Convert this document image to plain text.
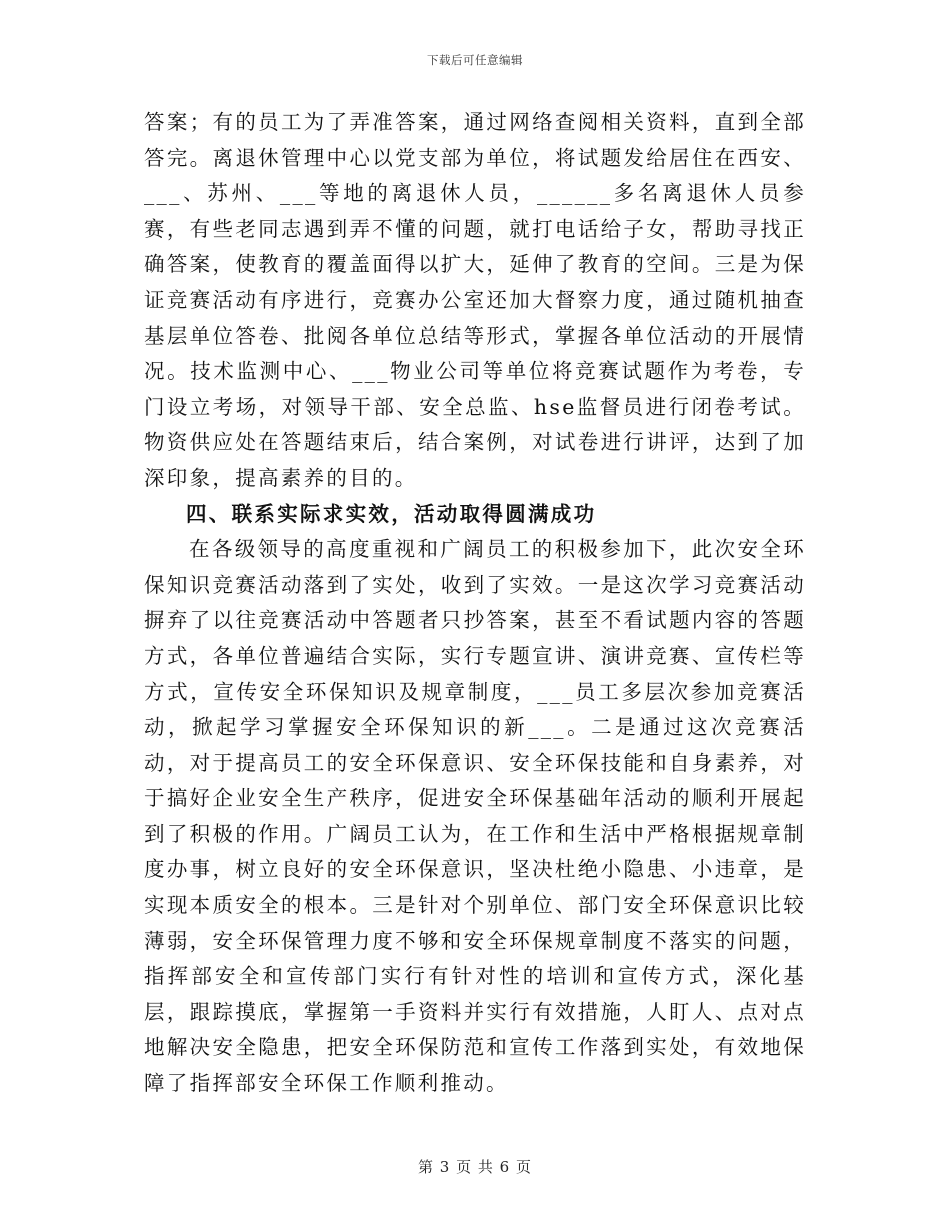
下载后可任意编辑

答案；有的员工为了弄准答案，通过网络查阅相关资料，直到全部答完。离退休管理中心以党支部为单位，将试题发给居住在西安、___、苏州、___等地的离退休人员，______多名离退休人员参赛，有些老同志遇到弄不懂的问题，就打电话给子女，帮助寻找正确答案，使教育的覆盖面得以扩大，延伸了教育的空间。三是为保证竞赛活动有序进行，竞赛办公室还加大督察力度，通过随机抽查基层单位答卷、批阅各单位总结等形式，掌握各单位活动的开展情况。技术监测中心、___物业公司等单位将竞赛试题作为考卷，专门设立考场，对领导干部、安全总监、hse监督员进行闭卷考试。物资供应处在答题结束后，结合案例，对试卷进行讲评，达到了加深印象，提高素养的目的。

四、联系实际求实效，活动取得圆满成功

在各级领导的高度重视和广阔员工的积极参加下，此次安全环保知识竞赛活动落到了实处，收到了实效。一是这次学习竞赛活动摒弃了以往竞赛活动中答题者只抄答案，甚至不看试题内容的答题方式，各单位普遍结合实际，实行专题宣讲、演讲竞赛、宣传栏等方式，宣传安全环保知识及规章制度，___员工多层次参加竞赛活动，掀起学习掌握安全环保知识的新___。二是通过这次竞赛活动，对于提高员工的安全环保意识、安全环保技能和自身素养，对于搞好企业安全生产秩序，促进安全环保基础年活动的顺利开展起到了积极的作用。广阔员工认为，在工作和生活中严格根据规章制度办事，树立良好的安全环保意识，坚决杜绝小隐患、小违章，是实现本质安全的根本。三是针对个别单位、部门安全环保意识比较薄弱，安全环保管理力度不够和安全环保规章制度不落实的问题，指挥部安全和宣传部门实行有针对性的培训和宣传方式，深化基层，跟踪摸底，掌握第一手资料并实行有效措施，人盯人、点对点地解决安全隐患，把安全环保防范和宣传工作落到实处，有效地保障了指挥部安全环保工作顺利推动。

第 3 页 共 6 页
